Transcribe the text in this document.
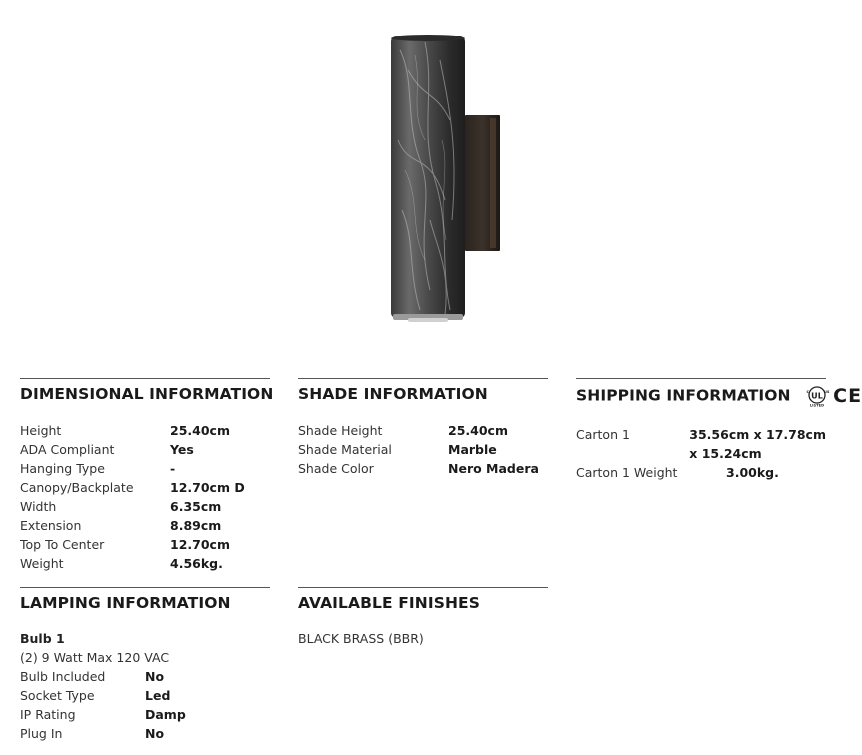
DIMENSIONAL INFORMATION
Height	25.40cm
ADA Compliant	Yes
Hanging Type	-
Canopy/Backplate	12.70cm D
Width	6.35cm
Extension	8.89cm
Top To Center	12.70cm
Weight	4.56kg.
SHADE INFORMATION
Shade Height	25.40cm
Shade Material	Marble
Shade Color	Nero Madera
SHIPPING INFORMATION	UL
c	us
LISTED CE
Carton 1	35.56cm x 17.78cm
x 15.24cm
Carton 1 Weight	3.00kg.
LAMPING INFORMATION
Bulb 1
(2) 9 Watt Max 120 VAC
Bulb Included	No
Socket Type	Led
IP Rating	Damp
Plug In	No
AVAILABLE FINISHES
BLACK BRASS (BBR)
